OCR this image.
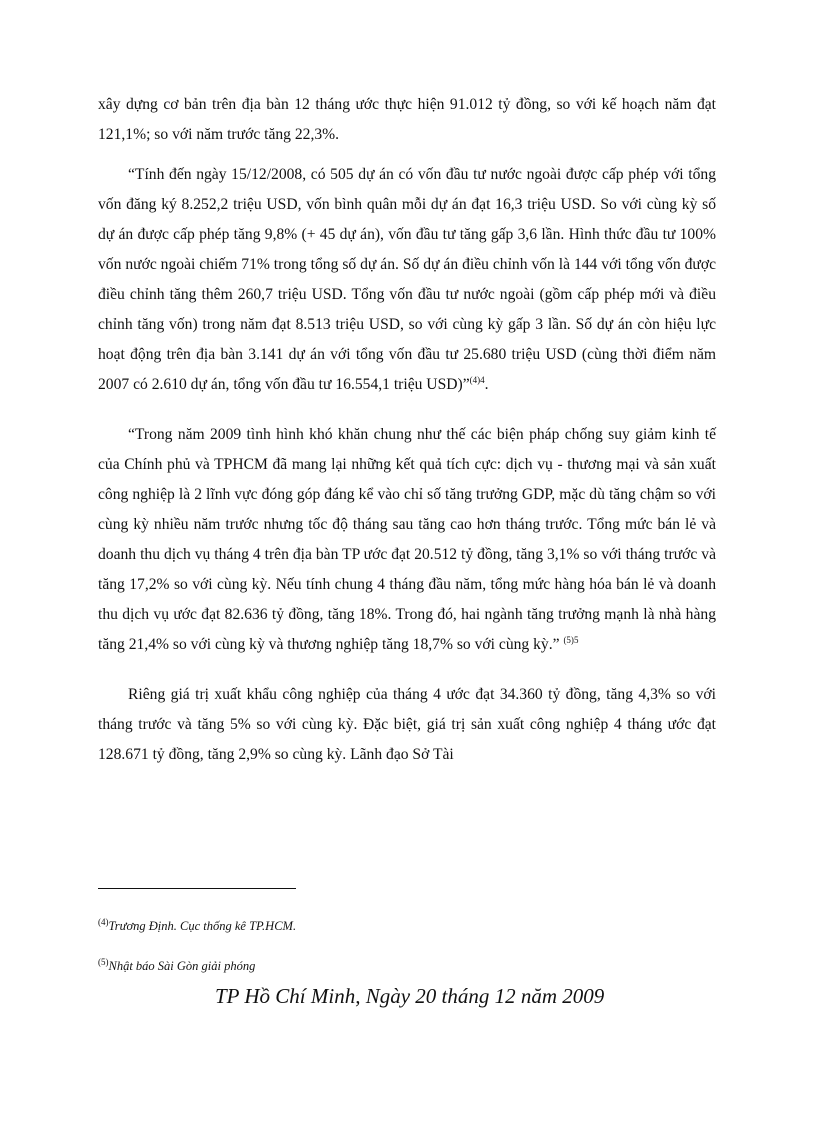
xây dựng cơ bản trên địa bàn 12 tháng ước thực hiện 91.012 tỷ đồng, so với kế hoạch năm đạt 121,1%; so với năm trước tăng 22,3%.

“Tính đến ngày 15/12/2008, có 505 dự án có vốn đầu tư nước ngoài được cấp phép với tổng vốn đăng ký 8.252,2 triệu USD, vốn bình quân mỗi dự án đạt 16,3 triệu USD. So với cùng kỳ số dự án được cấp phép tăng 9,8% (+ 45 dự án), vốn đầu tư tăng gấp 3,6 lần. Hình thức đầu tư 100% vốn nước ngoài chiếm 71% trong tổng số dự án. Số dự án điều chỉnh vốn là 144 với tổng vốn được điều chỉnh tăng thêm 260,7 triệu USD. Tổng vốn đầu tư nước ngoài (gồm cấp phép mới và điều chỉnh tăng vốn) trong năm đạt 8.513 triệu USD, so với cùng kỳ gấp 3 lần. Số dự án còn hiệu lực hoạt động trên địa bàn 3.141 dự án với tổng vốn đầu tư 25.680 triệu USD (cùng thời điểm năm 2007 có 2.610 dự án, tổng vốn đầu tư 16.554,1 triệu USD)”$^{(4)4}$.

“Trong năm 2009 tình hình khó khăn chung như thế các biện pháp chống suy giảm kinh tế của Chính phủ và TPHCM đã mang lại những kết quả tích cực: dịch vụ - thương mại và sản xuất công nghiệp là 2 lĩnh vực đóng góp đáng kể vào chỉ số tăng trưởng GDP, mặc dù tăng chậm so với cùng kỳ nhiều năm trước nhưng tốc độ tháng sau tăng cao hơn tháng trước. Tổng mức bán lẻ và doanh thu dịch vụ tháng 4 trên địa bàn TP ước đạt 20.512 tỷ đồng, tăng 3,1% so với tháng trước và tăng 17,2% so với cùng kỳ. Nếu tính chung 4 tháng đầu năm, tổng mức hàng hóa bán lẻ và doanh thu dịch vụ ước đạt 82.636 tỷ đồng, tăng 18%. Trong đó, hai ngành tăng trưởng mạnh là nhà hàng tăng 21,4% so với cùng kỳ và thương nghiệp tăng 18,7% so với cùng kỳ.” $^{(5)5}$

Riêng giá trị xuất khẩu công nghiệp của tháng 4 ước đạt 34.360 tỷ đồng, tăng 4,3% so với tháng trước và tăng 5% so với cùng kỳ. Đặc biệt, giá trị sản xuất công nghiệp 4 tháng ước đạt 128.671 tỷ đồng, tăng 2,9% so cùng kỳ. Lãnh đạo Sở Tài

$^{(4)}$Trương Định. Cục thống kê TP.HCM.
$^{(5)}$Nhật báo Sài Gòn giải phóng
TP Hồ Chí Minh, Ngày 20 tháng 12 năm 2009
